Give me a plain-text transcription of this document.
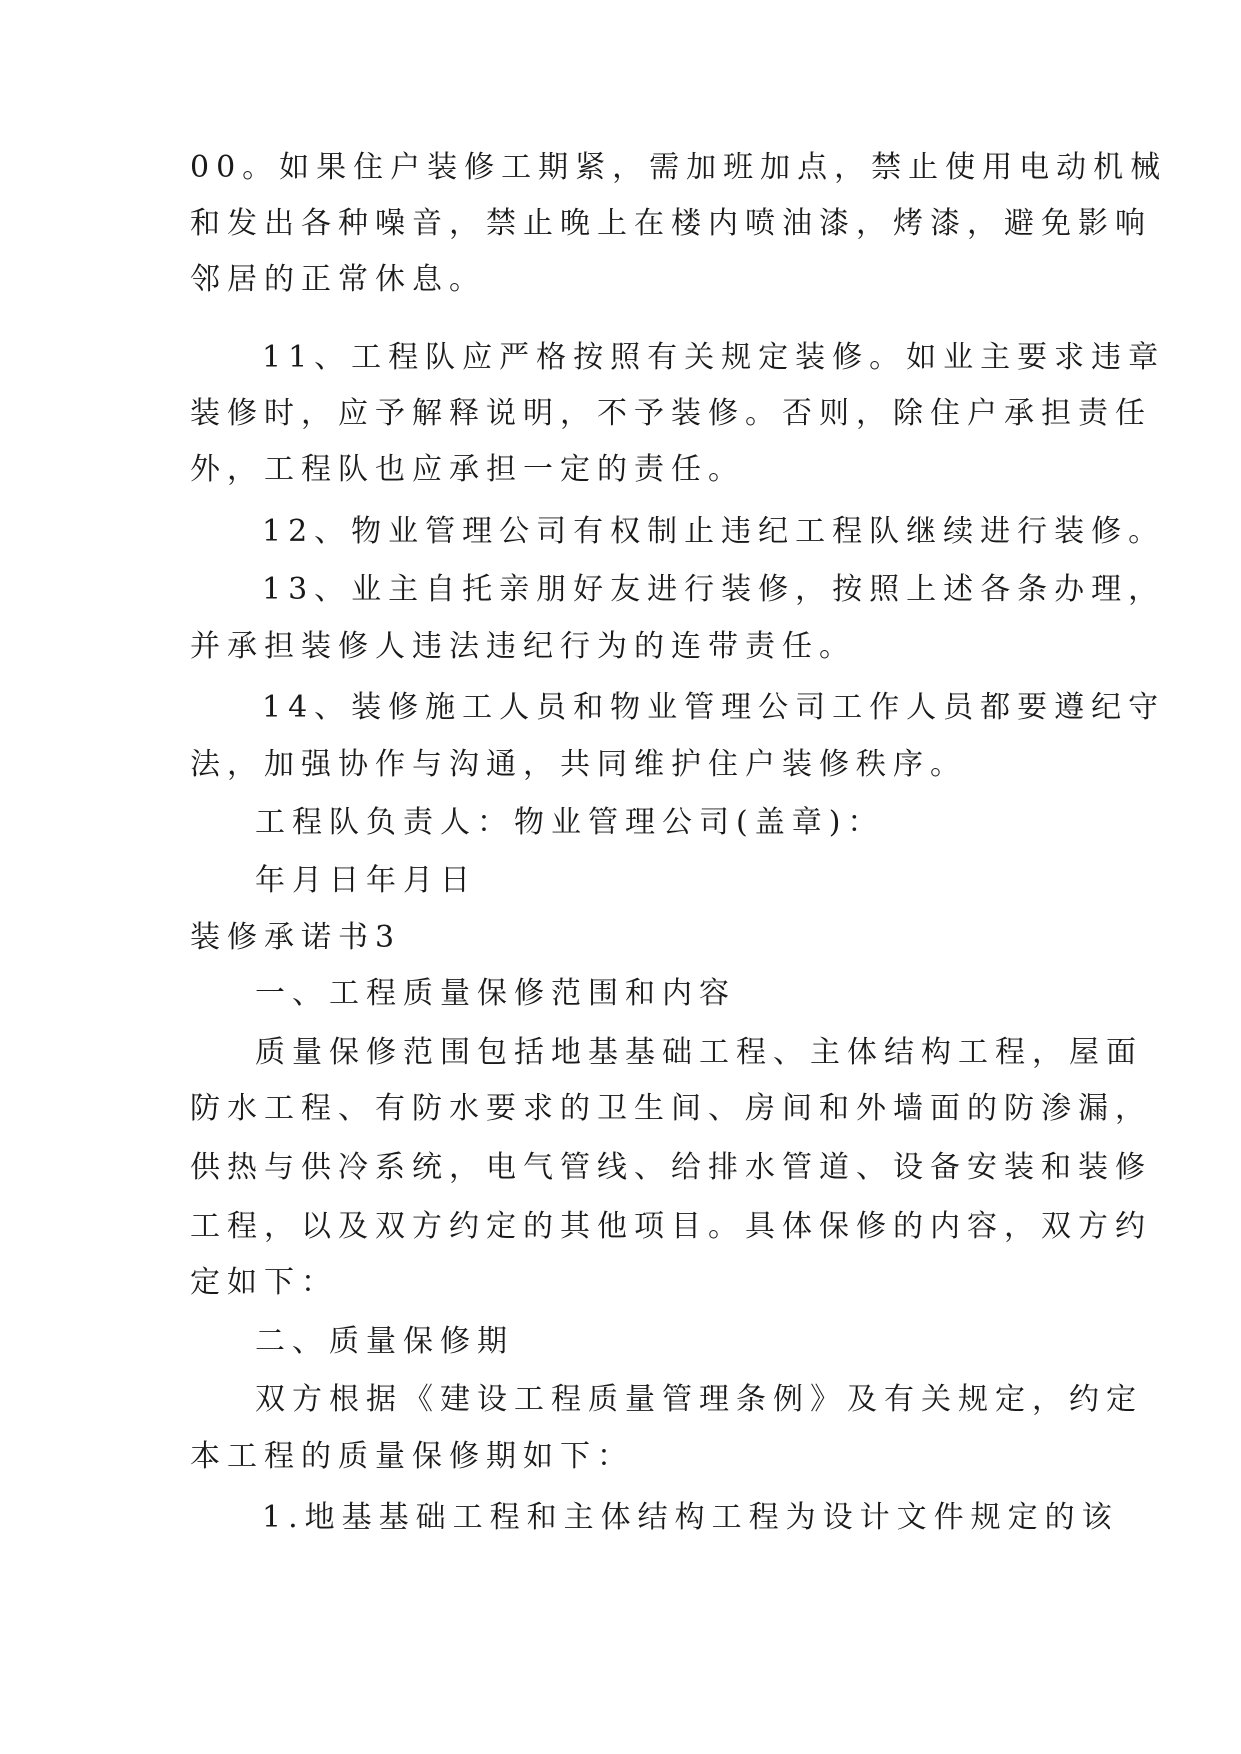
00。如果住户装修工期紧，需加班加点，禁止使用电动机械
和发出各种噪音，禁止晚上在楼内喷油漆，烤漆，避免影响
邻居的正常休息。
11、工程队应严格按照有关规定装修。如业主要求违章
装修时，应予解释说明，不予装修。否则，除住户承担责任
外，工程队也应承担一定的责任。
12、物业管理公司有权制止违纪工程队继续进行装修。
13、业主自托亲朋好友进行装修，按照上述各条办理，
并承担装修人违法违纪行为的连带责任。
14、装修施工人员和物业管理公司工作人员都要遵纪守
法，加强协作与沟通，共同维护住户装修秩序。
工程队负责人：物业管理公司(盖章)：
年月日年月日
装修承诺书3
一、工程质量保修范围和内容
质量保修范围包括地基基础工程、主体结构工程，屋面
防水工程、有防水要求的卫生间、房间和外墙面的防渗漏，
供热与供冷系统，电气管线、给排水管道、设备安装和装修
工程，以及双方约定的其他项目。具体保修的内容，双方约
定如下：
二、质量保修期
双方根据《建设工程质量管理条例》及有关规定，约定
本工程的质量保修期如下：
1.地基基础工程和主体结构工程为设计文件规定的该
